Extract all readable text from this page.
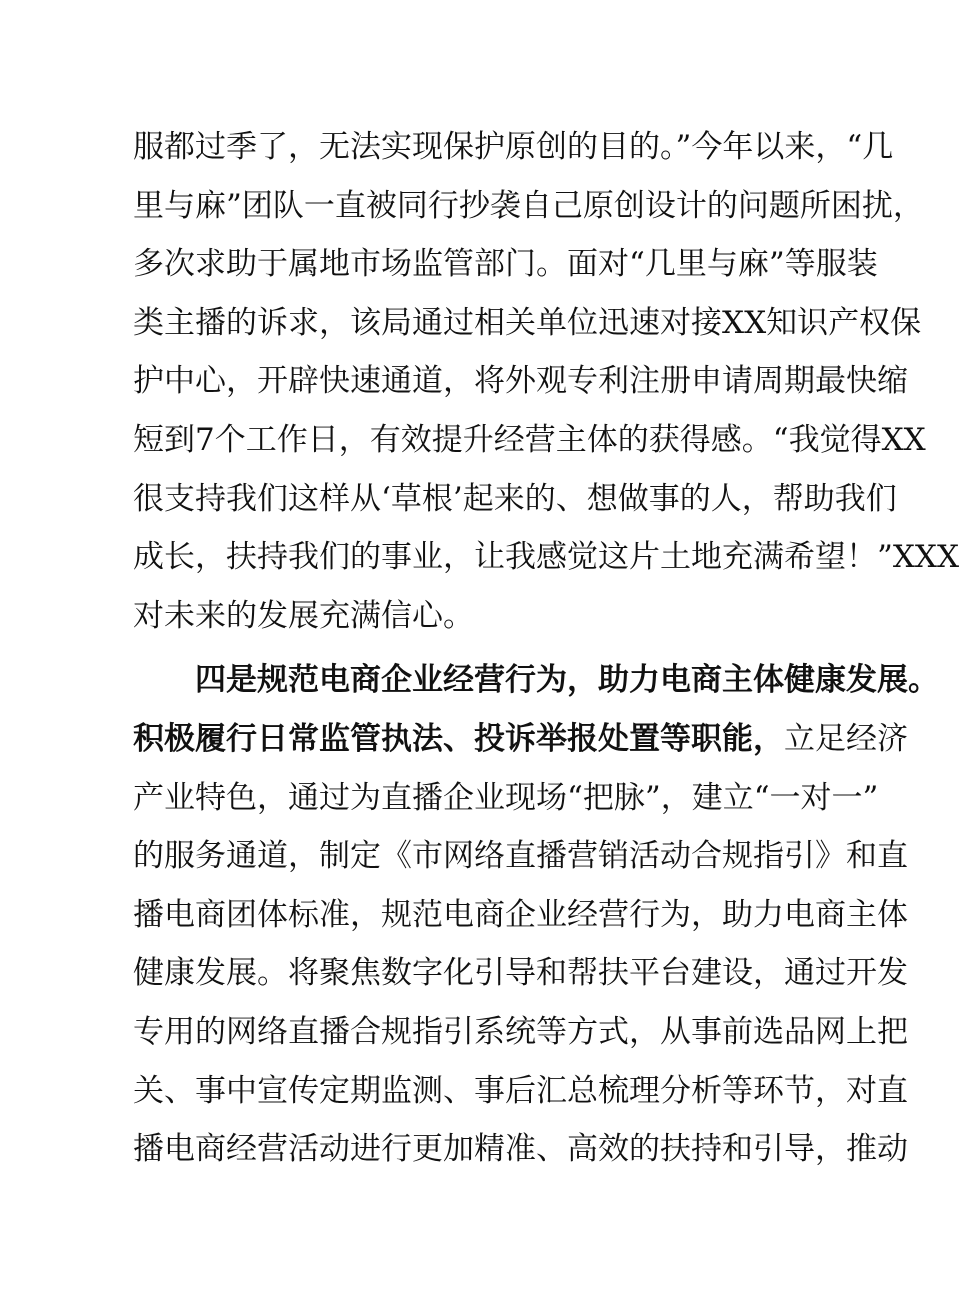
服都过季了，无法实现保护原创的目的。”今年以来，“几
里与麻”团队一直被同行抄袭自己原创设计的问题所困扰，
多次求助于属地市场监管部门。面对“几里与麻”等服装
类主播的诉求，该局通过相关单位迅速对接XX知识产权保
护中心，开辟快速通道，将外观专利注册申请周期最快缩
短到7个工作日，有效提升经营主体的获得感。“我觉得XX
很支持我们这样从‘草根’起来的、想做事的人，帮助我们
成长，扶持我们的事业，让我感觉这片土地充满希望！”XXX
对未来的发展充满信心。
四是规范电商企业经营行为，助力电商主体健康发展。
积极履行日常监管执法、投诉举报处置等职能，立足经济
产业特色，通过为直播企业现场“把脉”，建立“一对一”
的服务通道，制定《市网络直播营销活动合规指引》和直
播电商团体标准，规范电商企业经营行为，助力电商主体
健康发展。将聚焦数字化引导和帮扶平台建设，通过开发
专用的网络直播合规指引系统等方式，从事前选品网上把
关、事中宣传定期监测、事后汇总梳理分析等环节，对直
播电商经营活动进行更加精准、高效的扶持和引导，推动
